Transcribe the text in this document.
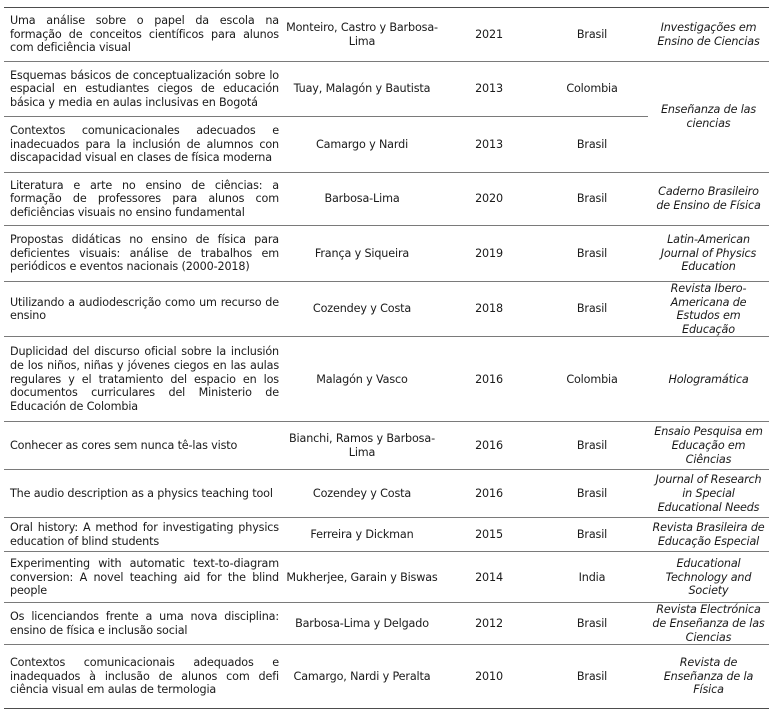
Uma análise sobre o papel da escola na formação de conceitos científicos para alunos com deficiência visual	Monteiro, Castro y Barbosa-Lima	2021	Brasil	Investigações em Ensino de Ciencias
Esquemas básicos de conceptualización sobre lo espacial en estudiantes ciegos de educación básica y media en aulas inclusivas en Bogotá	Tuay, Malagón y Bautista	2013	Colombia	Enseñanza de las ciencias
Contextos comunicacionales adecuados e inadecuados para la inclusión de alumnos con discapacidad visual en clases de física moderna	Camargo y Nardi	2013	Brasil	
Literatura e arte no ensino de ciências: a formação de professores para alunos com deficiências visuais no ensino fundamental	Barbosa-Lima	2020	Brasil	Caderno Brasileiro de Ensino de Física
Propostas didáticas no ensino de física para deficientes visuais: análise de trabalhos em periódicos e eventos nacionais (2000-2018)	França y Siqueira	2019	Brasil	Latin-American Journal of Physics Education
Utilizando a audiodescrição como um recurso de ensino	Cozendey y Costa	2018	Brasil	Revista Ibero-Americana de Estudos em Educação
Duplicidad del discurso oficial sobre la inclusión de los niños, niñas y jóvenes ciegos en las aulas regulares y el tratamiento del espacio en los documentos curriculares del Ministerio de Educación de Colombia	Malagón y Vasco	2016	Colombia	Hologramática
Conhecer as cores sem nunca tê-las visto	Bianchi, Ramos y Barbosa-Lima	2016	Brasil	Ensaio Pesquisa em Educação em Ciências
The audio description as a physics teaching tool	Cozendey y Costa	2016	Brasil	Journal of Research in Special Educational Needs
Oral history: A method for investigating physics education of blind students	Ferreira y Dickman	2015	Brasil	Revista Brasileira de Educação Especial
Experimenting with automatic text-to-diagram conversion: A novel teaching aid for the blind people	Mukherjee, Garain y Biswas	2014	India	Educational Technology and Society
Os licenciandos frente a uma nova disciplina: ensino de física e inclusão social	Barbosa-Lima y Delgado	2012	Brasil	Revista Electrónica de Enseñanza de las Ciencias
Contextos comunicacionais adequados e inadequados à inclusão de alunos com defi ciência visual em aulas de termologia	Camargo, Nardi y Peralta	2010	Brasil	Revista de Enseñanza de la Física
